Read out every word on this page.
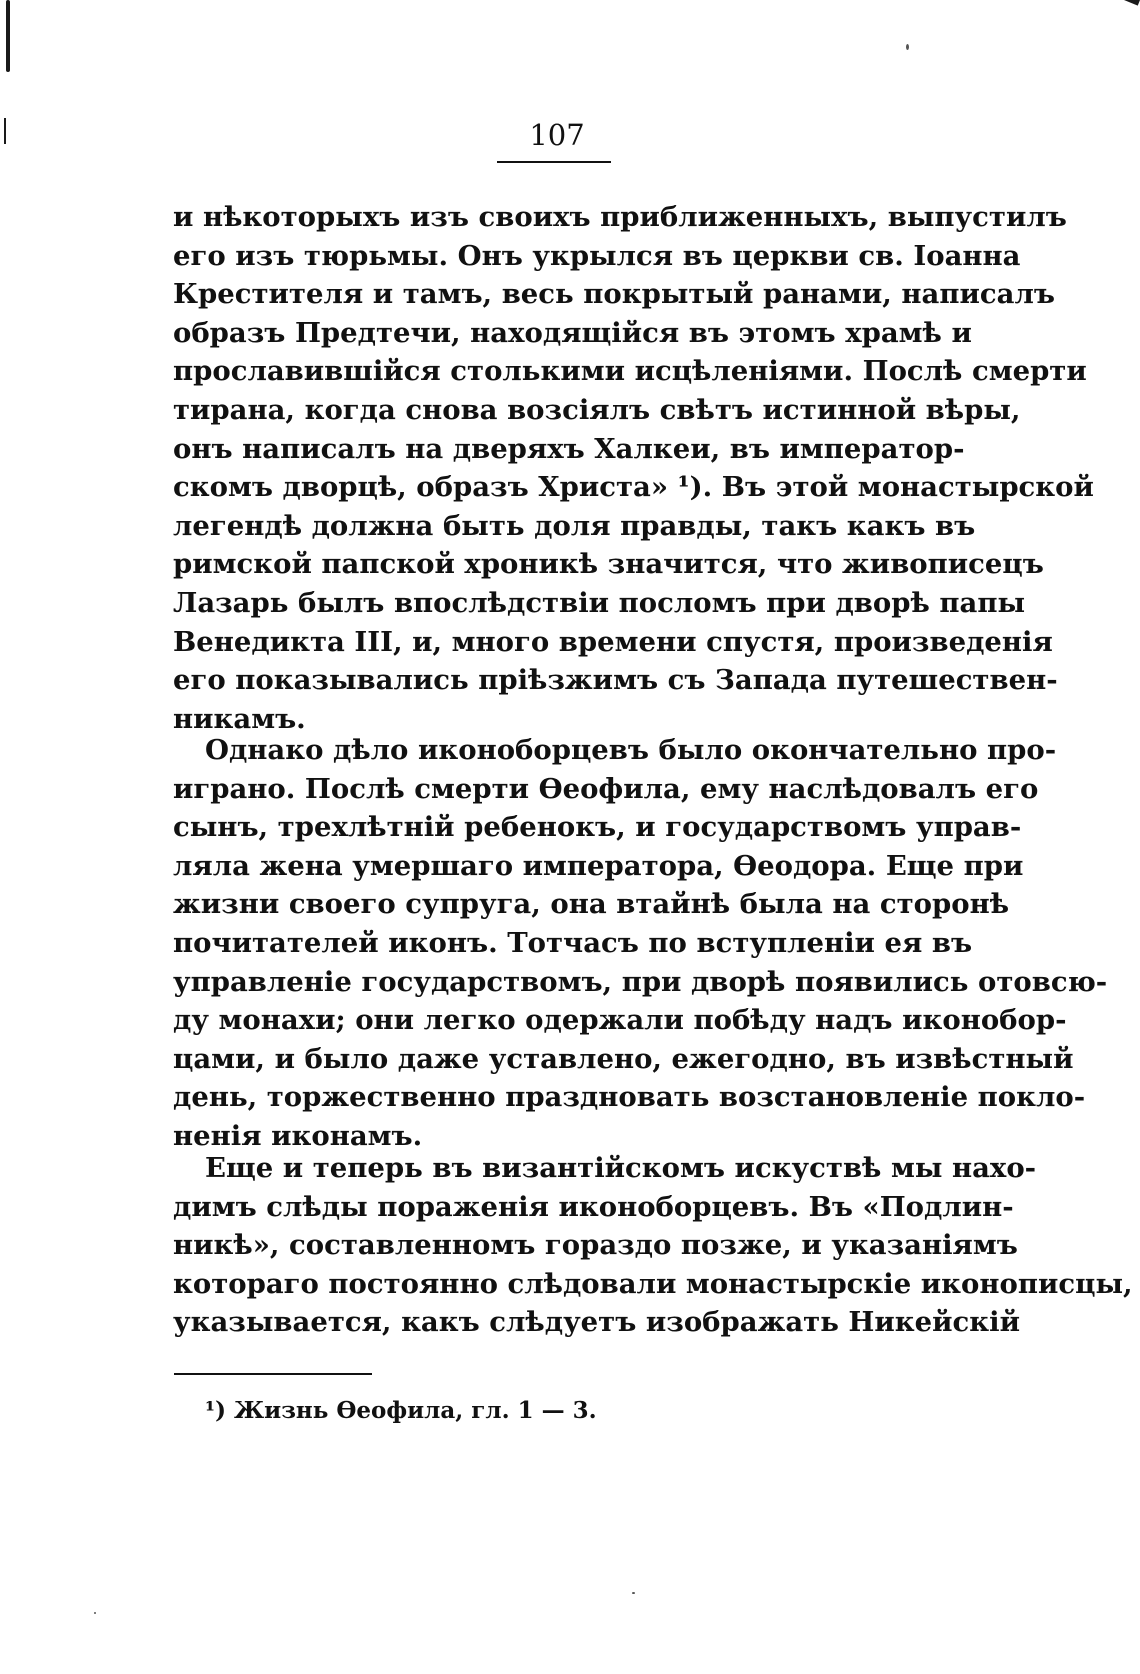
107
и нѣкоторыхъ изъ своихъ приближенныхъ, выпустилъ
его изъ тюрьмы. Онъ укрылся въ церкви св. Іоанна
Крестителя и тамъ, весь покрытый ранами, написалъ
образъ Предтечи, находящійся въ этомъ храмѣ и
прославившійся столькими исцѣленіями. Послѣ смерти
тирана, когда снова возсіялъ свѣтъ истинной вѣры,
онъ написалъ на дверяхъ Халкеи, въ император-
скомъ дворцѣ, образъ Христа» ¹). Въ этой монастырской
легендѣ должна быть доля правды, такъ какъ въ
римской папской хроникѣ значится, что живописецъ
Лазарь былъ впослѣдствіи посломъ при дворѣ папы
Венедикта III, и, много времени спустя, произведенія
его показывались пріѣзжимъ съ Запада путешествен-
никамъ.
Однако дѣло иконоборцевъ было окончательно про-
играно. Послѣ смерти Өеофила, ему наслѣдовалъ его
сынъ, трехлѣтній ребенокъ, и государствомъ управ-
ляла жена умершаго императора, Өеодора. Еще при
жизни своего супруга, она втайнѣ была на сторонѣ
почитателей иконъ. Тотчасъ по вступленіи ея въ
управленіе государствомъ, при дворѣ появились отовсю-
ду монахи; они легко одержали побѣду надъ иконобор-
цами, и было даже уставлено, ежегодно, въ извѣстный
день, торжественно праздновать возстановленіе покло-
ненія иконамъ.
Еще и теперь въ византійскомъ искуствѣ мы нахо-
димъ слѣды пораженія иконоборцевъ. Въ «Подлин-
никѣ», составленномъ гораздо позже, и указаніямъ
котораго постоянно слѣдовали монастырскіе иконописцы,
указывается, какъ слѣдуетъ изображать Никейскій
¹) Жизнь Өеофила, гл. 1 — 3.
